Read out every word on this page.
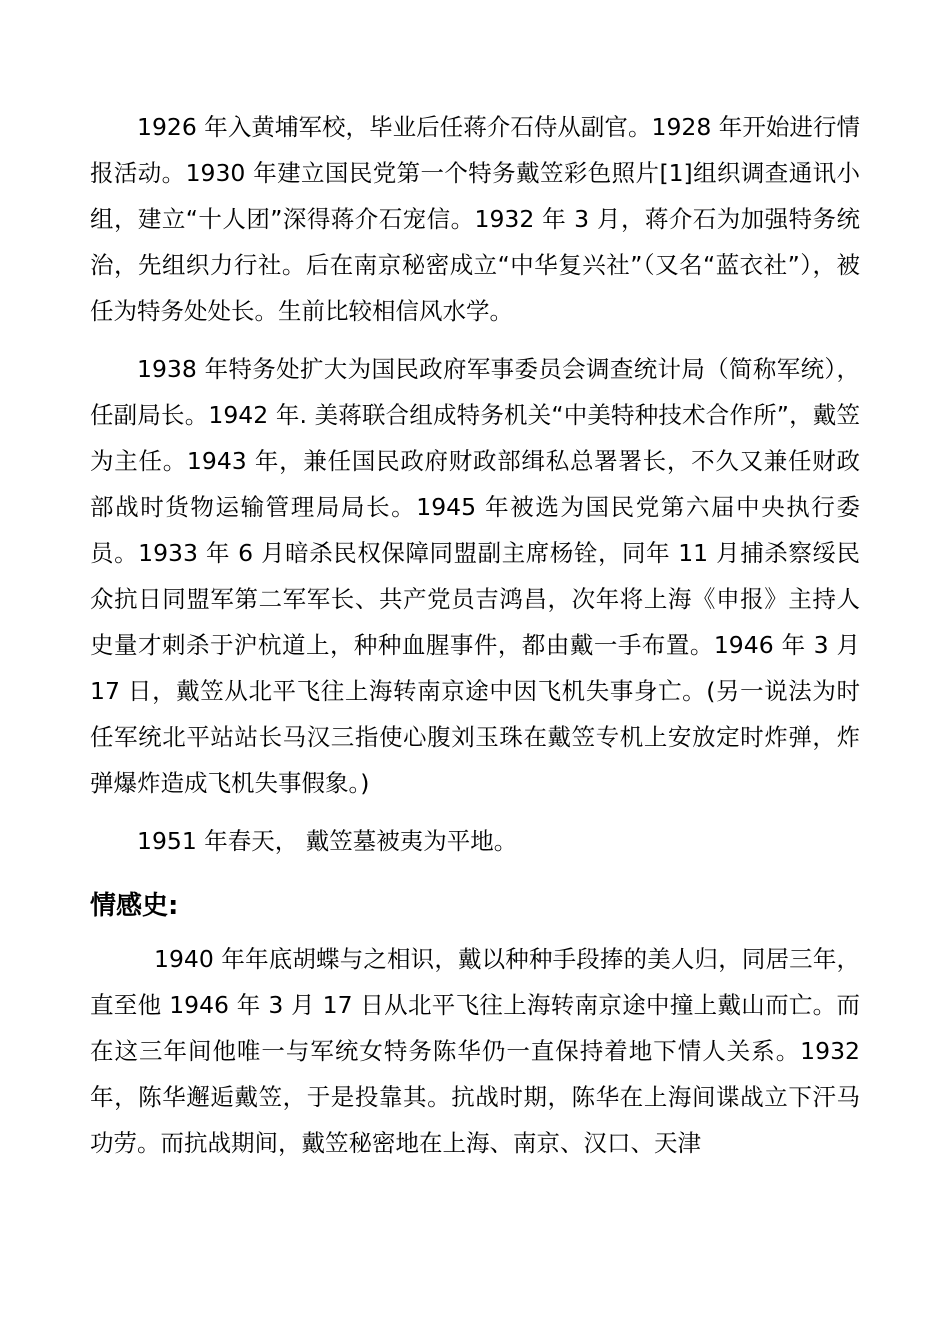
1926 年入黄埔军校，毕业后任蒋介石侍从副官。1928 年开始进行情报活动。1930 年建立国民党第一个特务戴笠彩色照片[1]组织调查通讯小组，建立“十人团”深得蒋介石宠信。1932 年 3 月，蒋介石为加强特务统治，先组织力行社。后在南京秘密成立“中华复兴社”（又名“蓝衣社”），被任为特务处处长。生前比较相信风水学。

1938 年特务处扩大为国民政府军事委员会调查统计局（简称军统），任副局长。1942 年. 美蒋联合组成特务机关“中美特种技术合作所”，戴笠为主任。1943 年，兼任国民政府财政部缉私总署署长，不久又兼任财政部战时货物运输管理局局长。1945 年被选为国民党第六届中央执行委员。1933 年 6 月暗杀民权保障同盟副主席杨铨，同年 11 月捕杀察绥民众抗日同盟军第二军军长、共产党员吉鸿昌，次年将上海《申报》主持人史量才刺杀于沪杭道上，种种血腥事件，都由戴一手布置。1946 年 3 月 17 日，戴笠从北平飞往上海转南京途中因飞机失事身亡。(另一说法为时任军统北平站站长马汉三指使心腹刘玉珠在戴笠专机上安放定时炸弹，炸弹爆炸造成飞机失事假象。)

1951 年春天， 戴笠墓被夷为平地。

情感史:

1940 年年底胡蝶与之相识，戴以种种手段捧的美人归，同居三年，直至他 1946 年 3 月 17 日从北平飞往上海转南京途中撞上戴山而亡。而在这三年间他唯一与军统女特务陈华仍一直保持着地下情人关系。1932 年，陈华邂逅戴笠，于是投靠其。抗战时期，陈华在上海间谍战立下汗马功劳。而抗战期间，戴笠秘密地在上海、南京、汉口、天津
